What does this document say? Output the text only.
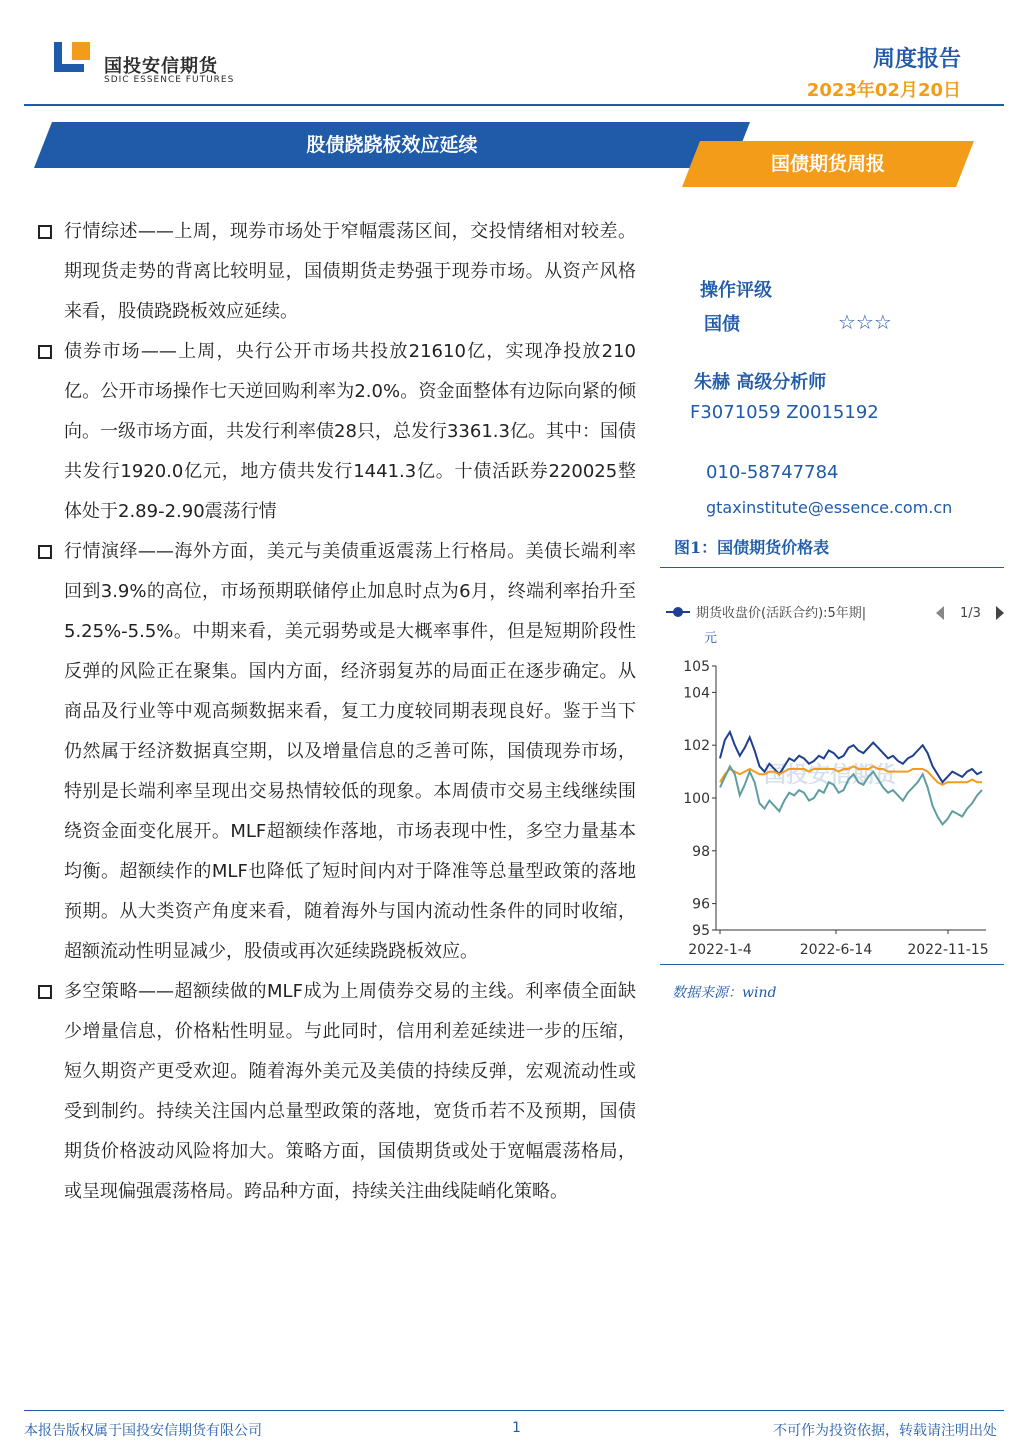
国投安信期货
SDIC ESSENCE FUTURES
周度报告
2023年02月20日
股债跷跷板效应延续
国债期货周报
行情综述——上周，现券市场处于窄幅震荡区间，交投情绪相对较差。期现货走势的背离比较明显，国债期货走势强于现券市场。从资产风格来看，股债跷跷板效应延续。
债券市场——上周，央行公开市场共投放21610亿，实现净投放210亿。公开市场操作七天逆回购利率为2.0%。资金面整体有边际向紧的倾向。一级市场方面，共发行利率债28只，总发行3361.3亿。其中：国债共发行1920.0亿元，地方债共发行1441.3亿。十债活跃券220025整体处于2.89-2.90震荡行情
行情演绎——海外方面，美元与美债重返震荡上行格局。美债长端利率回到3.9%的高位，市场预期联储停止加息时点为6月，终端利率抬升至5.25%-5.5%。中期来看，美元弱势或是大概率事件，但是短期阶段性反弹的风险正在聚集。国内方面，经济弱复苏的局面正在逐步确定。从商品及行业等中观高频数据来看，复工力度较同期表现良好。鉴于当下仍然属于经济数据真空期，以及增量信息的乏善可陈，国债现券市场，特别是长端利率呈现出交易热情较低的现象。本周债市交易主线继续围绕资金面变化展开。MLF超额续作落地，市场表现中性，多空力量基本均衡。超额续作的MLF也降低了短时间内对于降准等总量型政策的落地预期。从大类资产角度来看，随着海外与国内流动性条件的同时收缩，超额流动性明显减少，股债或再次延续跷跷板效应。
多空策略——超额续做的MLF成为上周债券交易的主线。利率债全面缺少增量信息，价格粘性明显。与此同时，信用利差延续进一步的压缩，短久期资产更受欢迎。随着海外美元及美债的持续反弹，宏观流动性或受到制约。持续关注国内总量型政策的落地，宽货币若不及预期，国债期货价格波动风险将加大。策略方面，国债期货或处于宽幅震荡格局，或呈现偏强震荡格局。跨品种方面，持续关注曲线陡峭化策略。
操作评级
国债	☆☆☆
朱赫 高级分析师
F3071059 Z0015192
010-58747784
gtaxinstitute@essence.com.cn
图1：国债期货价格表
期货收盘价(活跃合约):5年期|	1/3
元
95
96
98
100
102
104
105
2022-1-4	2022-6-14	2022-11-15
国投安信期货
数据来源：wind
本报告版权属于国投安信期货有限公司	1	不可作为投资依据，转载请注明出处
